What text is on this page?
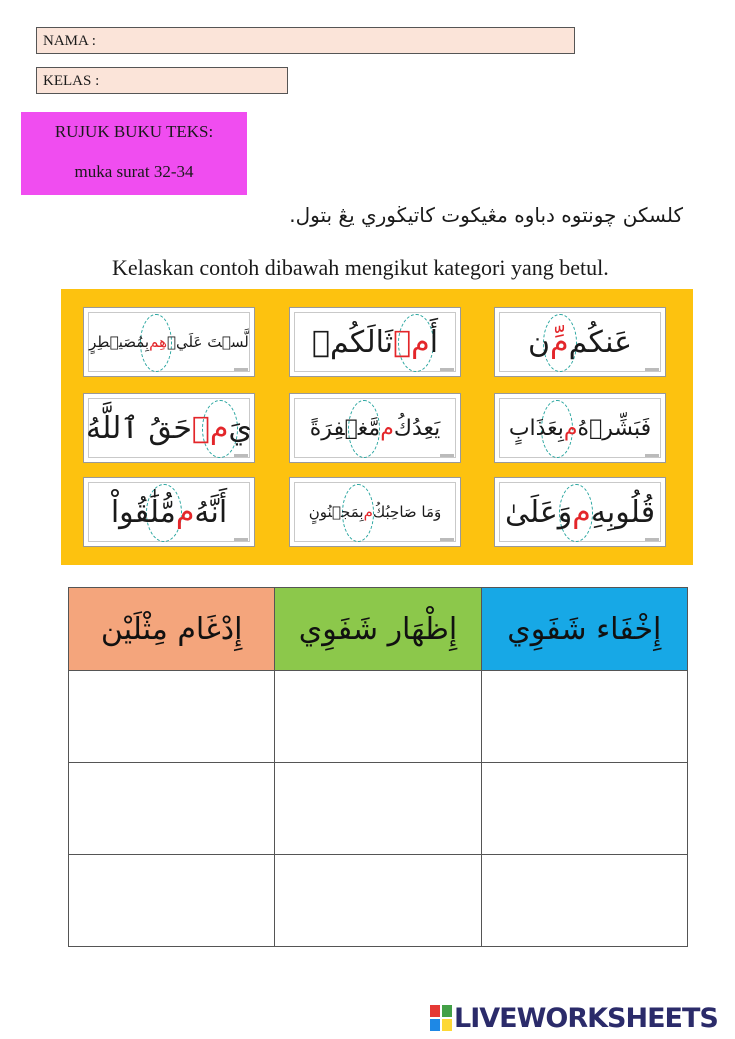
NAMA :
KELAS :
RUJUK BUKU TEKS:
muka surat 32-34
كلسكن چونتوه دباوه مڠيكوت كاتيڬوري يڠ بتول.
Kelaskan contoh dibawah mengikut kategori yang betul.
عَنكُم
مِّ
ن
أَ
مۡ
ثَالَكُمۡ
لَّسۡتَ عَلَيۡ
هِم
بِمُصَيۡطِرٍ
فَبَشِّرۡهُ
م
بِعَذَابٍ
يَعِدُكُ
م
مَّغۡفِرَةً
يَ
مۡ
حَقُ ٱللَّهُ
قُلُوبِهِ
م
وَعَلَىٰ
وَمَا صَاحِبُكُ
م
بِمَجۡنُونٍ
أَنَّهُ
م
مُّلَٰقُواْ
إِدْغَام مِثْلَيْن	إِظْهَار شَفَوِي	إِخْفَاء شَفَوِي

LIVEWORKSHEETS
